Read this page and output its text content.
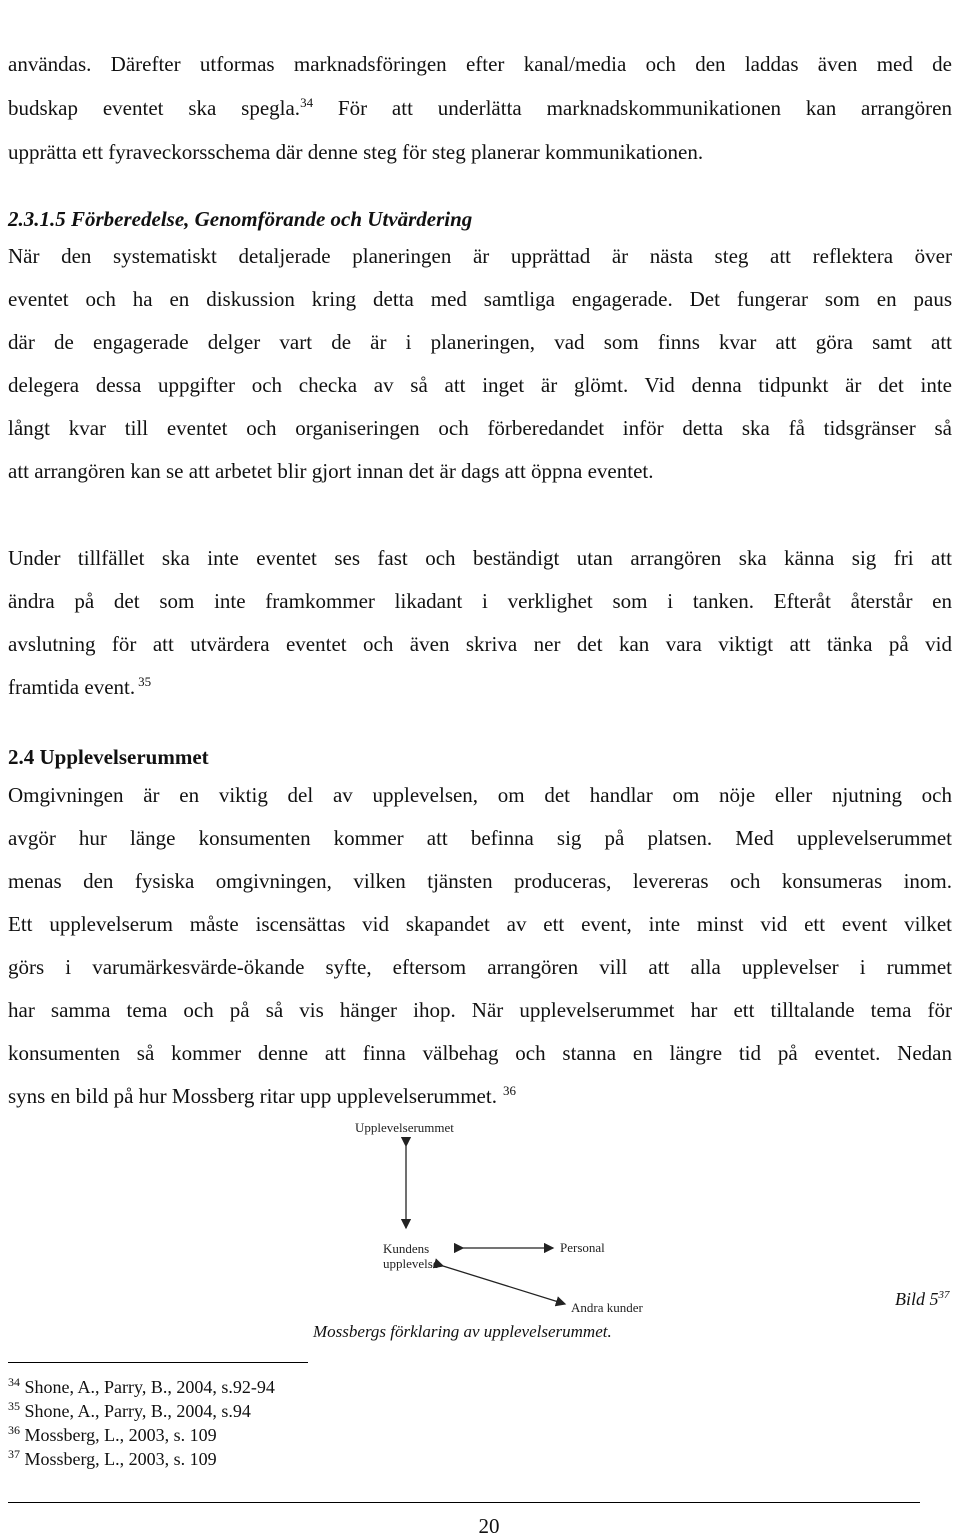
användas. Därefter utformas marknadsföringen efter kanal/media och den laddas även med de
budskap eventet ska spegla.$^{34}$ För att underlätta marknadskommunikationen kan arrangören
upprätta ett fyraveckorsschema där denne steg för steg planerar kommunikationen.
2.3.1.5 Förberedelse, Genomförande och Utvärdering
När den systematiskt detaljerade planeringen är upprättad är nästa steg att reflektera över
eventet och ha en diskussion kring detta med samtliga engagerade. Det fungerar som en paus
där de engagerade delger vart de är i planeringen, vad som finns kvar att göra samt att
delegera dessa uppgifter och checka av så att inget är glömt. Vid denna tidpunkt är det inte
långt kvar till eventet och organiseringen och förberedandet inför detta ska få tidsgränser så
att arrangören kan se att arbetet blir gjort innan det är dags att öppna eventet.
Under tillfället ska inte eventet ses fast och beständigt utan arrangören ska känna sig fri att
ändra på det som inte framkommer likadant i verklighet som i tanken. Efteråt återstår en
avslutning för att utvärdera eventet och även skriva ner det kan vara viktigt att tänka på vid
framtida event. $^{35}$
2.4 Upplevelserummet
Omgivningen är en viktig del av upplevelsen, om det handlar om nöje eller njutning och
avgör hur länge konsumenten kommer att befinna sig på platsen. Med upplevelserummet
menas den fysiska omgivningen, vilken tjänsten produceras, levereras och konsumeras inom.
Ett upplevelserum måste iscensättas vid skapandet av ett event, inte minst vid ett event vilket
görs i varumärkesvärde-ökande syfte, eftersom arrangören vill att alla upplevelser i rummet
har samma tema och på så vis hänger ihop. När upplevelserummet har ett tilltalande tema för
konsumenten så kommer denne att finna välbehag och stanna en längre tid på eventet. Nedan
syns en bild på hur Mossberg ritar upp upplevelserummet. $^{36}$
Upplevelserummet
Kundens
upplevelse
Personal
Andra kunder	Bild $5^{37}$
Mossbergs förklaring av upplevelserummet.
$^{34}$ Shone, A., Parry, B., 2004, s.92-94
$^{35}$ Shone, A., Parry, B., 2004, s.94
$^{36}$ Mossberg, L., 2003, s. 109
$^{37}$ Mossberg, L., 2003, s. 109
20
